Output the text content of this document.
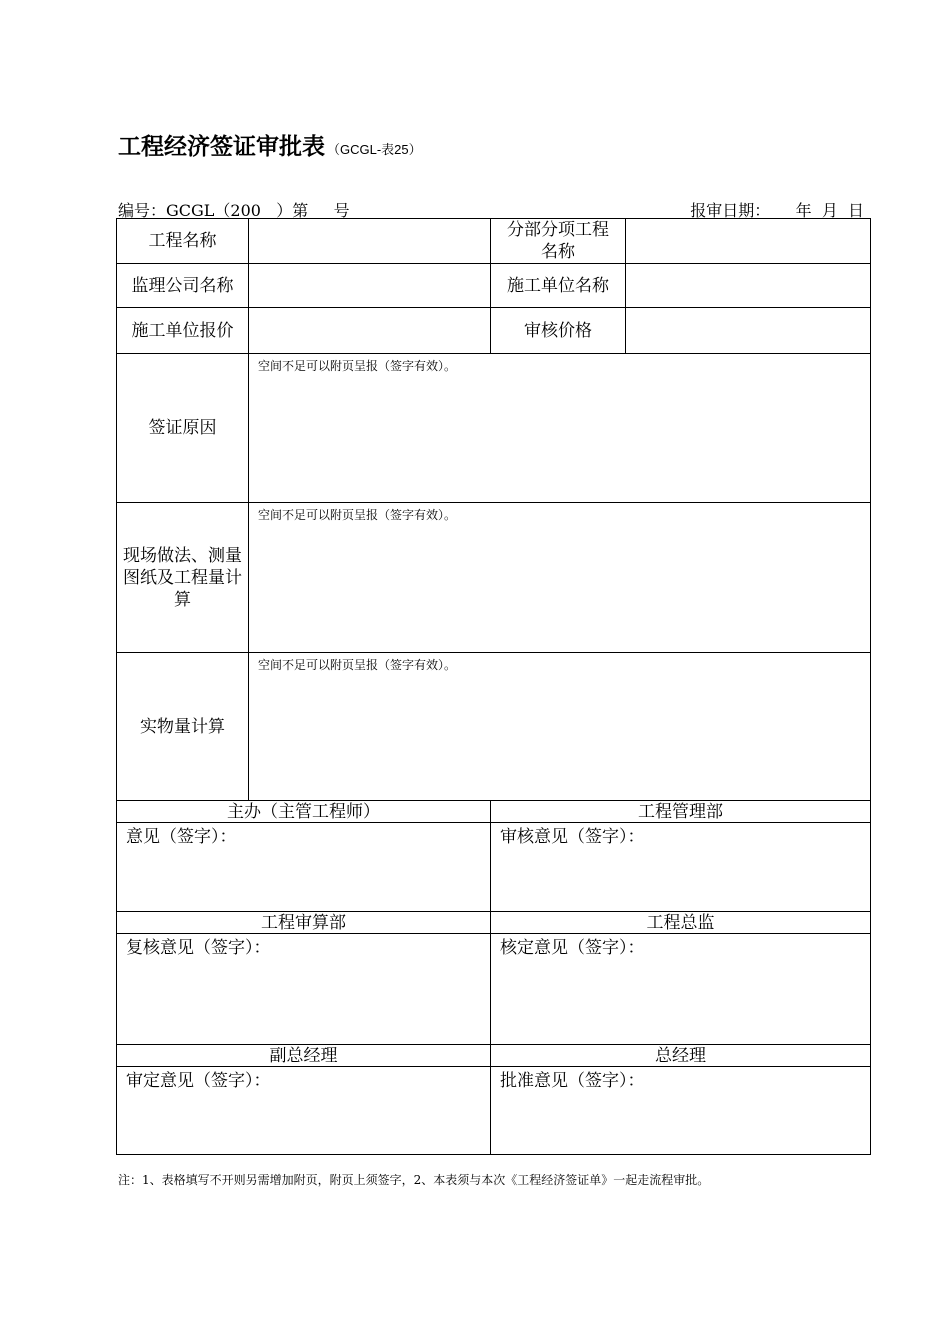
工程经济签证审批表 （GCGL-表25）
编号：GCGL（200   ）第     号	报审日期：     年  月  日
工程名称		分部分项工程名称	
监理公司名称		施工单位名称	
施工单位报价		审核价格	
签证原因	空间不足可以附页呈报（签字有效）。		

现场做法、测量图纸及工程量计算	空间不足可以附页呈报（签字有效）。		

实物量计算	空间不足可以附页呈报（签字有效）。		

主办（主管工程师）		工程管理部	
意见（签字）：		审核意见（签字）：	
工程审算部		工程总监	
复核意见（签字）：		核定意见（签字）：	
副总经理		总经理	
审定意见（签字）：		批准意见（签字）：	
注：1、表格填写不开则另需增加附页，附页上须签字，2、本表须与本次《工程经济签证单》一起走流程审批。
